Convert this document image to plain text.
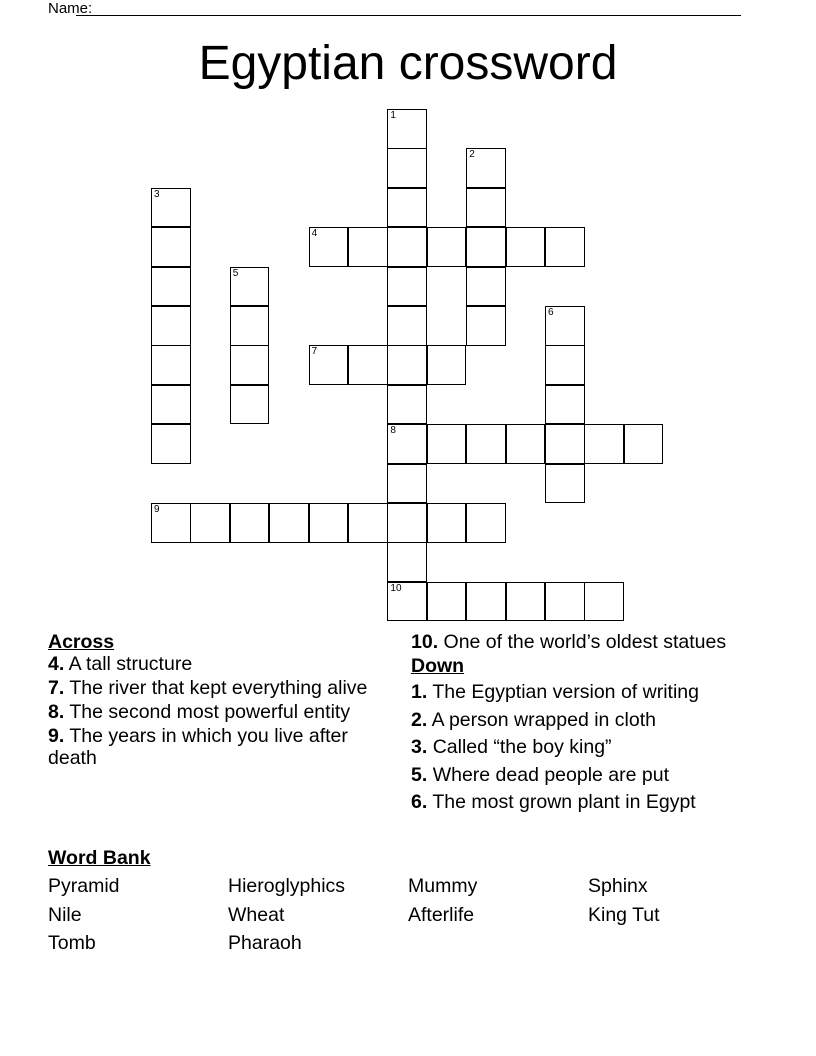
Name:
Egyptian crossword
1
8
2
3
4
5
6
7
9
10
Across
4. A tall structure
7. The river that kept everything alive
8. The second most powerful entity
9. The years in which you live after death
10. One of the world’s oldest statues
Down
1. The Egyptian version of writing
2. A person wrapped in cloth
3. Called “the boy king”
5. Where dead people are put
6. The most grown plant in Egypt
Word Bank
Pyramid	Hieroglyphics	Mummy	Sphinx
Nile	Wheat	Afterlife	King Tut
Tomb	Pharaoh
